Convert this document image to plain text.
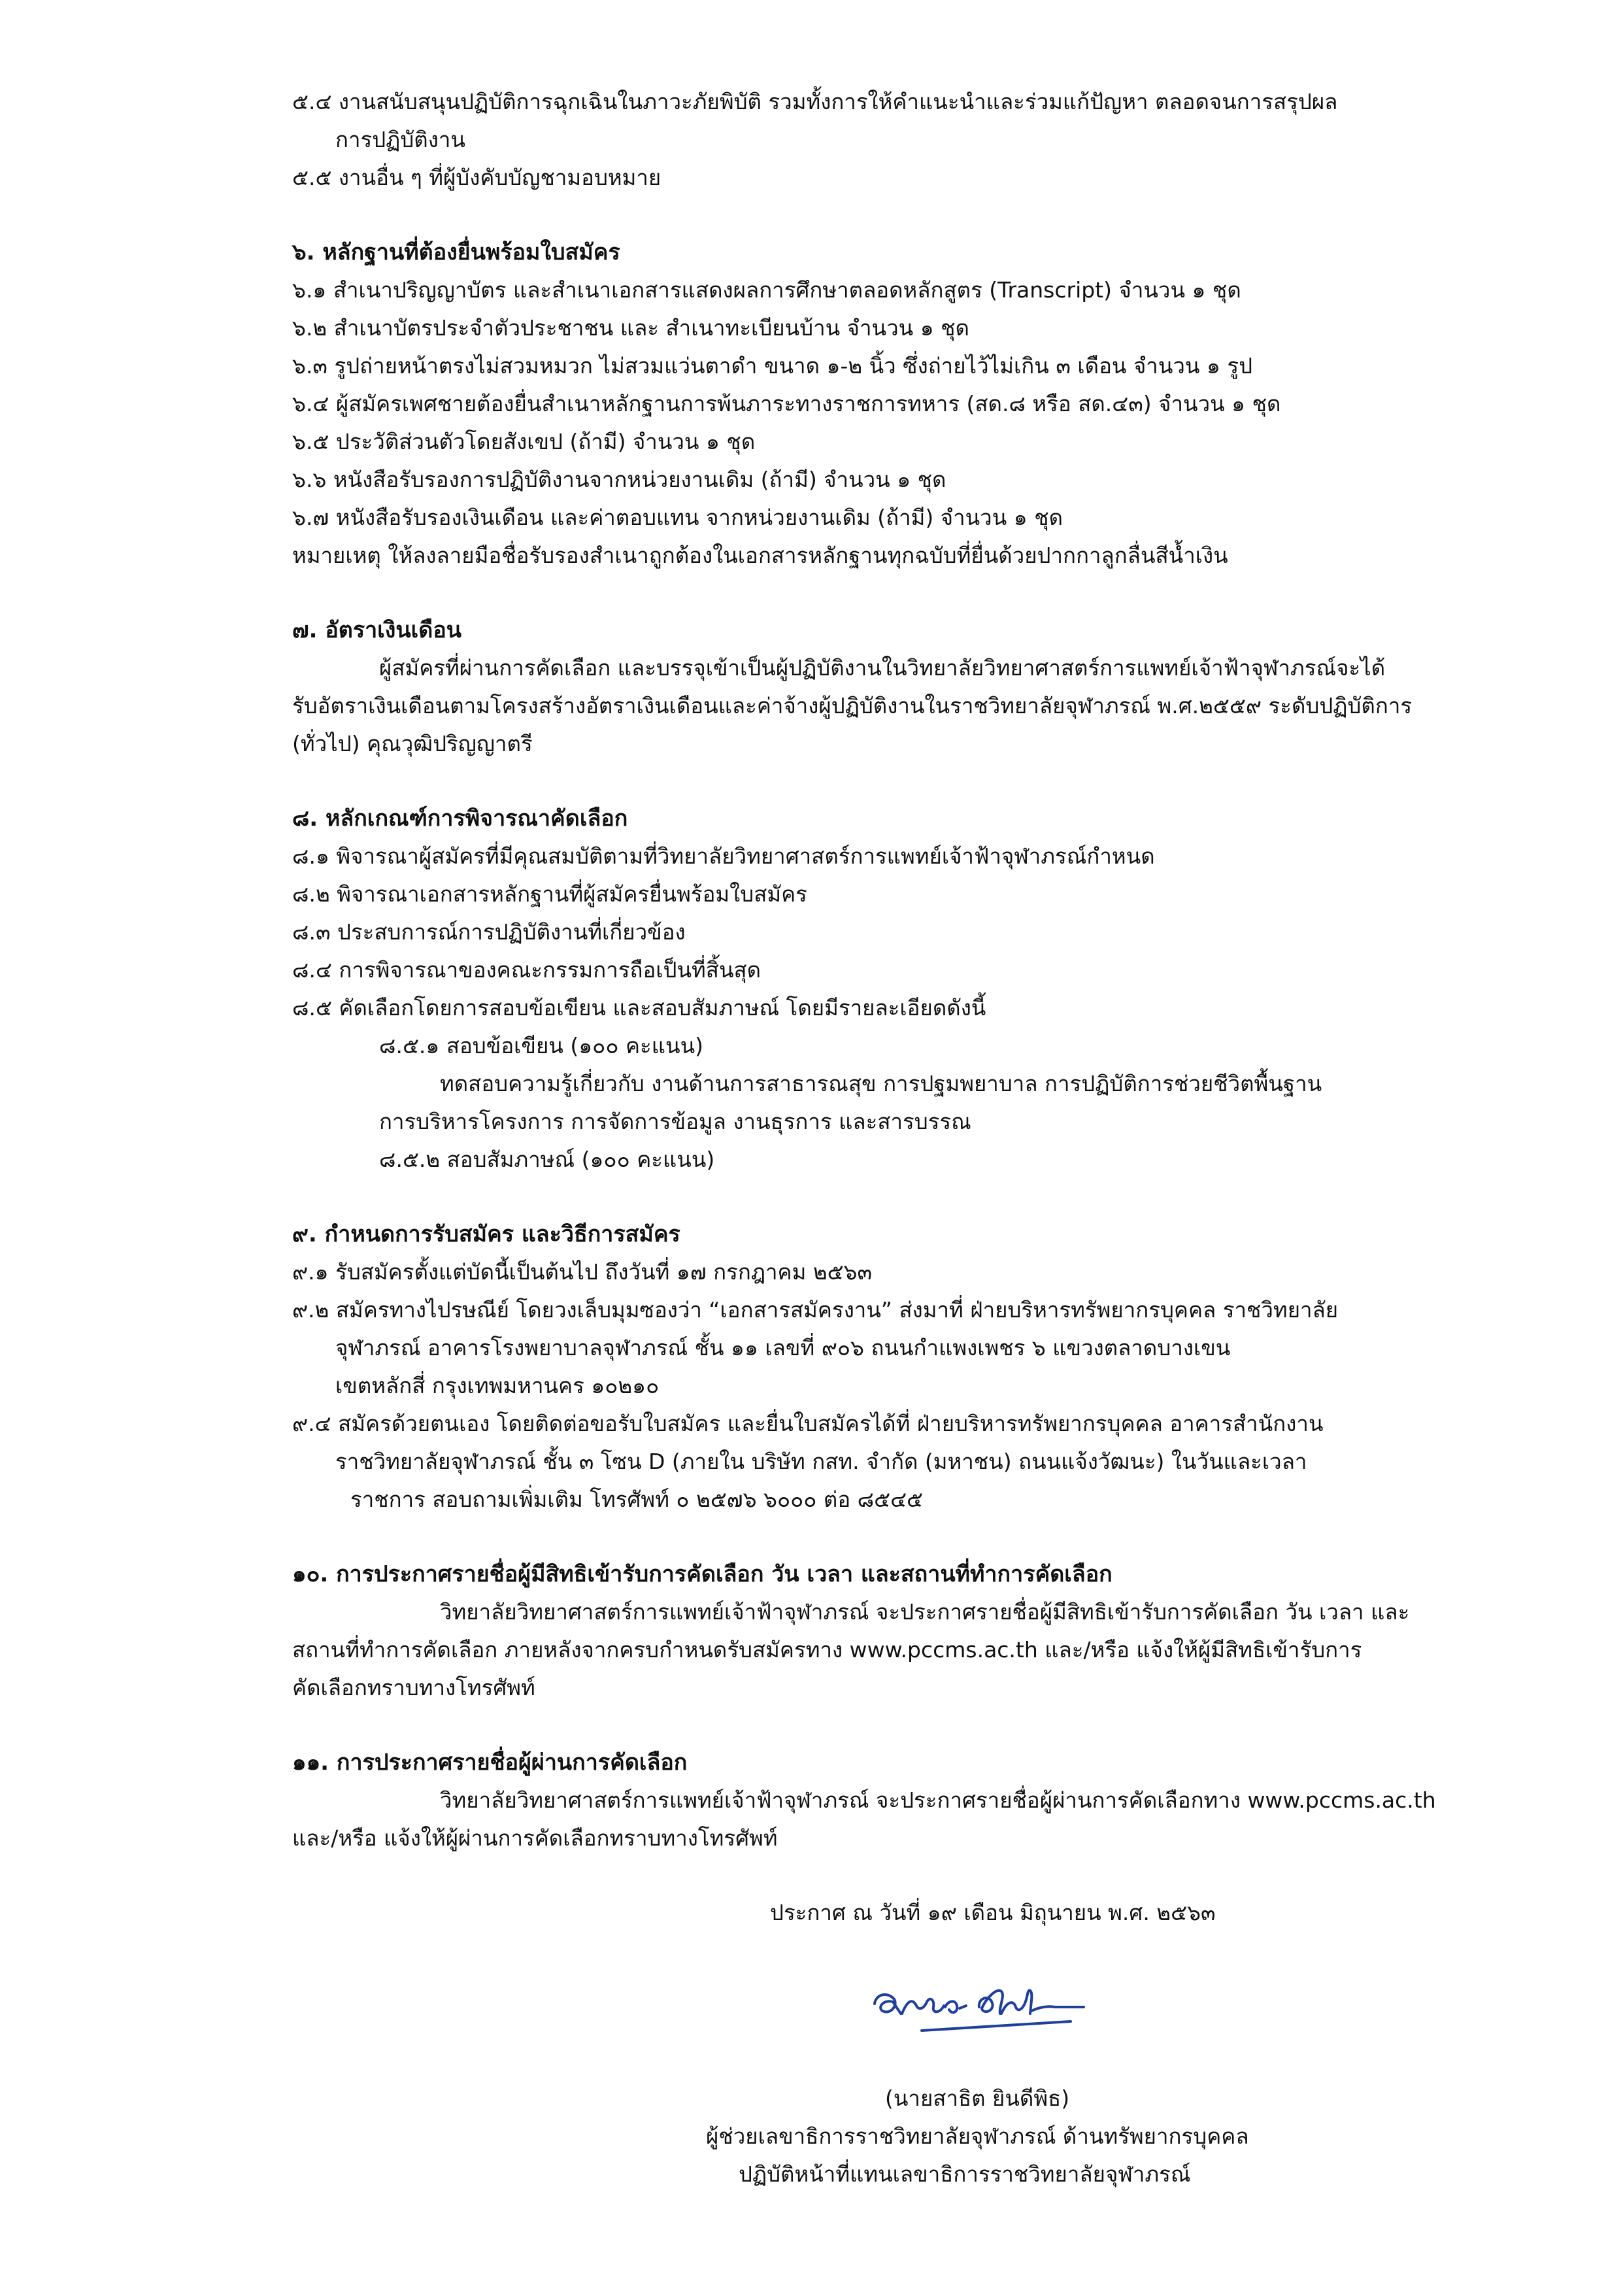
๕.๔ งานสนับสนุนปฏิบัติการฉุกเฉินในภาวะภัยพิบัติ รวมทั้งการให้คำแนะนำและร่วมแก้ปัญหา ตลอดจนการสรุปผล
การปฏิบัติงาน
๕.๕ งานอื่น ๆ ที่ผู้บังคับบัญชามอบหมาย
๖. หลักฐานที่ต้องยื่นพร้อมใบสมัคร
๖.๑ สำเนาปริญญาบัตร และสำเนาเอกสารแสดงผลการศึกษาตลอดหลักสูตร (Transcript) จำนวน ๑ ชุด
๖.๒ สำเนาบัตรประจำตัวประชาชน และ สำเนาทะเบียนบ้าน จำนวน ๑ ชุด
๖.๓ รูปถ่ายหน้าตรงไม่สวมหมวก ไม่สวมแว่นตาดำ ขนาด ๑-๒ นิ้ว ซึ่งถ่ายไว้ไม่เกิน ๓ เดือน จำนวน ๑ รูป
๖.๔ ผู้สมัครเพศชายต้องยื่นสำเนาหลักฐานการพ้นภาระทางราชการทหาร (สด.๘ หรือ สด.๔๓) จำนวน ๑ ชุด
๖.๕ ประวัติส่วนตัวโดยสังเขป (ถ้ามี) จำนวน ๑ ชุด
๖.๖ หนังสือรับรองการปฏิบัติงานจากหน่วยงานเดิม (ถ้ามี) จำนวน ๑ ชุด
๖.๗ หนังสือรับรองเงินเดือน และค่าตอบแทน จากหน่วยงานเดิม (ถ้ามี) จำนวน ๑ ชุด
หมายเหตุ ให้ลงลายมือชื่อรับรองสำเนาถูกต้องในเอกสารหลักฐานทุกฉบับที่ยื่นด้วยปากกาลูกลื่นสีน้ำเงิน
๗. อัตราเงินเดือน
ผู้สมัครที่ผ่านการคัดเลือก และบรรจุเข้าเป็นผู้ปฏิบัติงานในวิทยาลัยวิทยาศาสตร์การแพทย์เจ้าฟ้าจุฬาภรณ์จะได้
รับอัตราเงินเดือนตามโครงสร้างอัตราเงินเดือนและค่าจ้างผู้ปฏิบัติงานในราชวิทยาลัยจุฬาภรณ์ พ.ศ.๒๕๕๙ ระดับปฏิบัติการ
(ทั่วไป) คุณวุฒิปริญญาตรี
๘. หลักเกณฑ์การพิจารณาคัดเลือก
๘.๑ พิจารณาผู้สมัครที่มีคุณสมบัติตามที่วิทยาลัยวิทยาศาสตร์การแพทย์เจ้าฟ้าจุฬาภรณ์กำหนด
๘.๒ พิจารณาเอกสารหลักฐานที่ผู้สมัครยื่นพร้อมใบสมัคร
๘.๓ ประสบการณ์การปฏิบัติงานที่เกี่ยวข้อง
๘.๔ การพิจารณาของคณะกรรมการถือเป็นที่สิ้นสุด
๘.๕ คัดเลือกโดยการสอบข้อเขียน และสอบสัมภาษณ์ โดยมีรายละเอียดดังนี้
๘.๕.๑ สอบข้อเขียน (๑๐๐ คะแนน)
ทดสอบความรู้เกี่ยวกับ งานด้านการสาธารณสุข การปฐมพยาบาล การปฏิบัติการช่วยชีวิตพื้นฐาน
การบริหารโครงการ การจัดการข้อมูล งานธุรการ และสารบรรณ
๘.๕.๒ สอบสัมภาษณ์ (๑๐๐ คะแนน)
๙. กำหนดการรับสมัคร และวิธีการสมัคร
๙.๑ รับสมัครตั้งแต่บัดนี้เป็นต้นไป ถึงวันที่ ๑๗ กรกฎาคม ๒๕๖๓
๙.๒ สมัครทางไปรษณีย์ โดยวงเล็บมุมซองว่า “เอกสารสมัครงาน” ส่งมาที่ ฝ่ายบริหารทรัพยากรบุคคล ราชวิทยาลัย
จุฬาภรณ์ อาคารโรงพยาบาลจุฬาภรณ์ ชั้น ๑๑ เลขที่ ๙๐๖ ถนนกำแพงเพชร ๖ แขวงตลาดบางเขน
เขตหลักสี่ กรุงเทพมหานคร ๑๐๒๑๐
๙.๔ สมัครด้วยตนเอง โดยติดต่อขอรับใบสมัคร และยื่นใบสมัครได้ที่ ฝ่ายบริหารทรัพยากรบุคคล อาคารสำนักงาน
ราชวิทยาลัยจุฬาภรณ์ ชั้น ๓ โซน D (ภายใน บริษัท กสท. จำกัด (มหาชน) ถนนแจ้งวัฒนะ) ในวันและเวลา
ราชการ สอบถามเพิ่มเติม โทรศัพท์ ๐ ๒๕๗๖ ๖๐๐๐ ต่อ ๘๕๔๕
๑๐. การประกาศรายชื่อผู้มีสิทธิเข้ารับการคัดเลือก วัน เวลา และสถานที่ทำการคัดเลือก
วิทยาลัยวิทยาศาสตร์การแพทย์เจ้าฟ้าจุฬาภรณ์ จะประกาศรายชื่อผู้มีสิทธิเข้ารับการคัดเลือก วัน เวลา และ
สถานที่ทำการคัดเลือก ภายหลังจากครบกำหนดรับสมัครทาง www.pccms.ac.th และ/หรือ แจ้งให้ผู้มีสิทธิเข้ารับการ
คัดเลือกทราบทางโทรศัพท์
๑๑. การประกาศรายชื่อผู้ผ่านการคัดเลือก
วิทยาลัยวิทยาศาสตร์การแพทย์เจ้าฟ้าจุฬาภรณ์ จะประกาศรายชื่อผู้ผ่านการคัดเลือกทาง www.pccms.ac.th
และ/หรือ แจ้งให้ผู้ผ่านการคัดเลือกทราบทางโทรศัพท์
ประกาศ ณ วันที่ ๑๙ เดือน มิถุนายน พ.ศ. ๒๕๖๓
(นายสาธิต ยินดีพิธ)
ผู้ช่วยเลขาธิการราชวิทยาลัยจุฬาภรณ์ ด้านทรัพยากรบุคคล
ปฏิบัติหน้าที่แทนเลขาธิการราชวิทยาลัยจุฬาภรณ์
